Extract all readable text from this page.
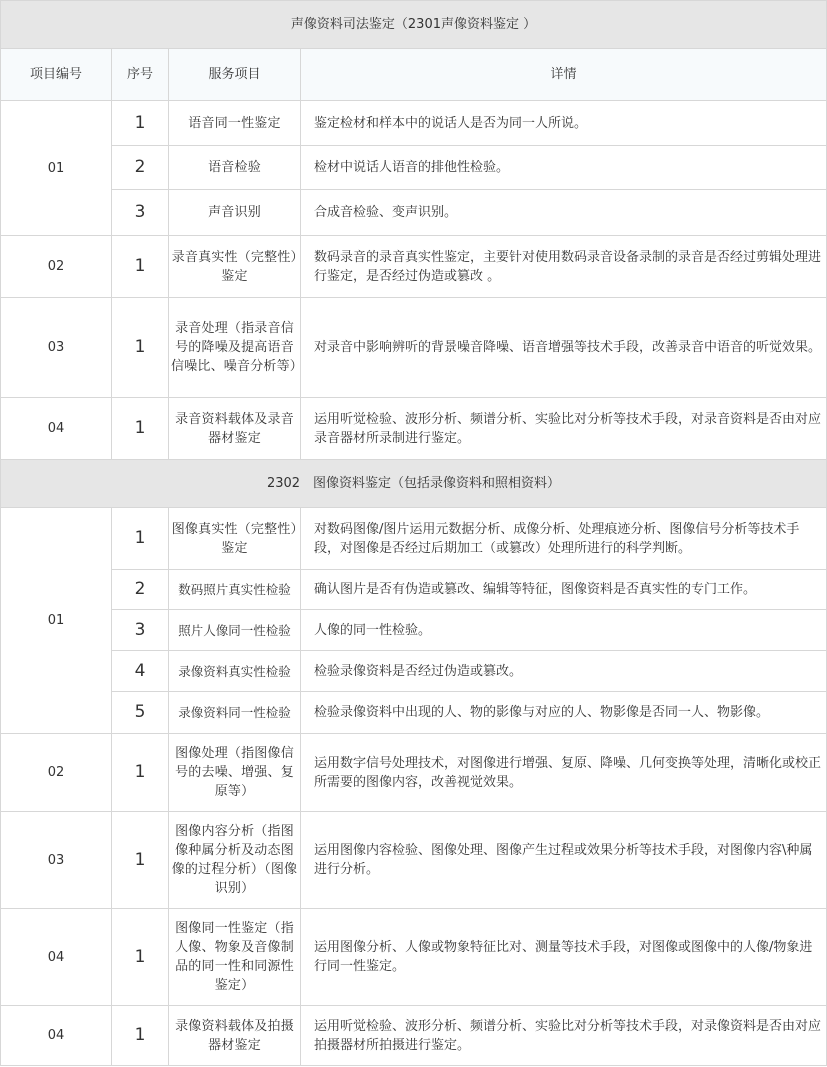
声像资料司法鉴定（2301声像资料鉴定 ）			
项目编号	序号	服务项目	详情
01	1	语音同一性鉴定	鉴定检材和样本中的说话人是否为同一人所说。
	2	语音检验	检材中说话人语音的排他性检验。
	3	声音识别	合成音检验、变声识别。
02	1	录音真实性（完整性）鉴定	数码录音的录音真实性鉴定，主要针对使用数码录音设备录制的录音是否经过剪辑处理进行鉴定，是否经过伪造或篡改 。
03	1	录音处理（指录音信号的降噪及提高语音信噪比、噪音分析等）	对录音中影响辨听的背景噪音降噪、语音增强等技术手段，改善录音中语音的听觉效果。
04	1	录音资料载体及录音器材鉴定	运用听觉检验、波形分析、频谱分析、实验比对分析等技术手段，对录音资料是否由对应录音器材所录制进行鉴定。
2302　图像资料鉴定（包括录像资料和照相资料）			
01	1	图像真实性（完整性）鉴定	对数码图像/图片运用元数据分析、成像分析、处理痕迹分析、图像信号分析等技术手段，对图像是否经过后期加工（或篡改）处理所进行的科学判断。
	2	数码照片真实性检验	确认图片是否有伪造或篡改、编辑等特征，图像资料是否真实性的专门工作。
	3	照片人像同一性检验	人像的同一性检验。
	4	录像资料真实性检验	检验录像资料是否经过伪造或篡改。
	5	录像资料同一性检验	检验录像资料中出现的人、物的影像与对应的人、物影像是否同一人、物影像。
02	1	图像处理（指图像信号的去噪、增强、复原等）	运用数字信号处理技术，对图像进行增强、复原、降噪、几何变换等处理，清晰化或校正所需要的图像内容，改善视觉效果。
03	1	图像内容分析（指图像种属分析及动态图像的过程分析）（图像识别）	运用图像内容检验、图像处理、图像产生过程或效果分析等技术手段，对图像内容\种属进行分析。
04	1	图像同一性鉴定（指人像、物象及音像制品的同一性和同源性鉴定）	运用图像分析、人像或物象特征比对、测量等技术手段，对图像或图像中的人像/物象进行同一性鉴定。
04	1	录像资料载体及拍摄器材鉴定	运用听觉检验、波形分析、频谱分析、实验比对分析等技术手段，对录像资料是否由对应拍摄器材所拍摄进行鉴定。
